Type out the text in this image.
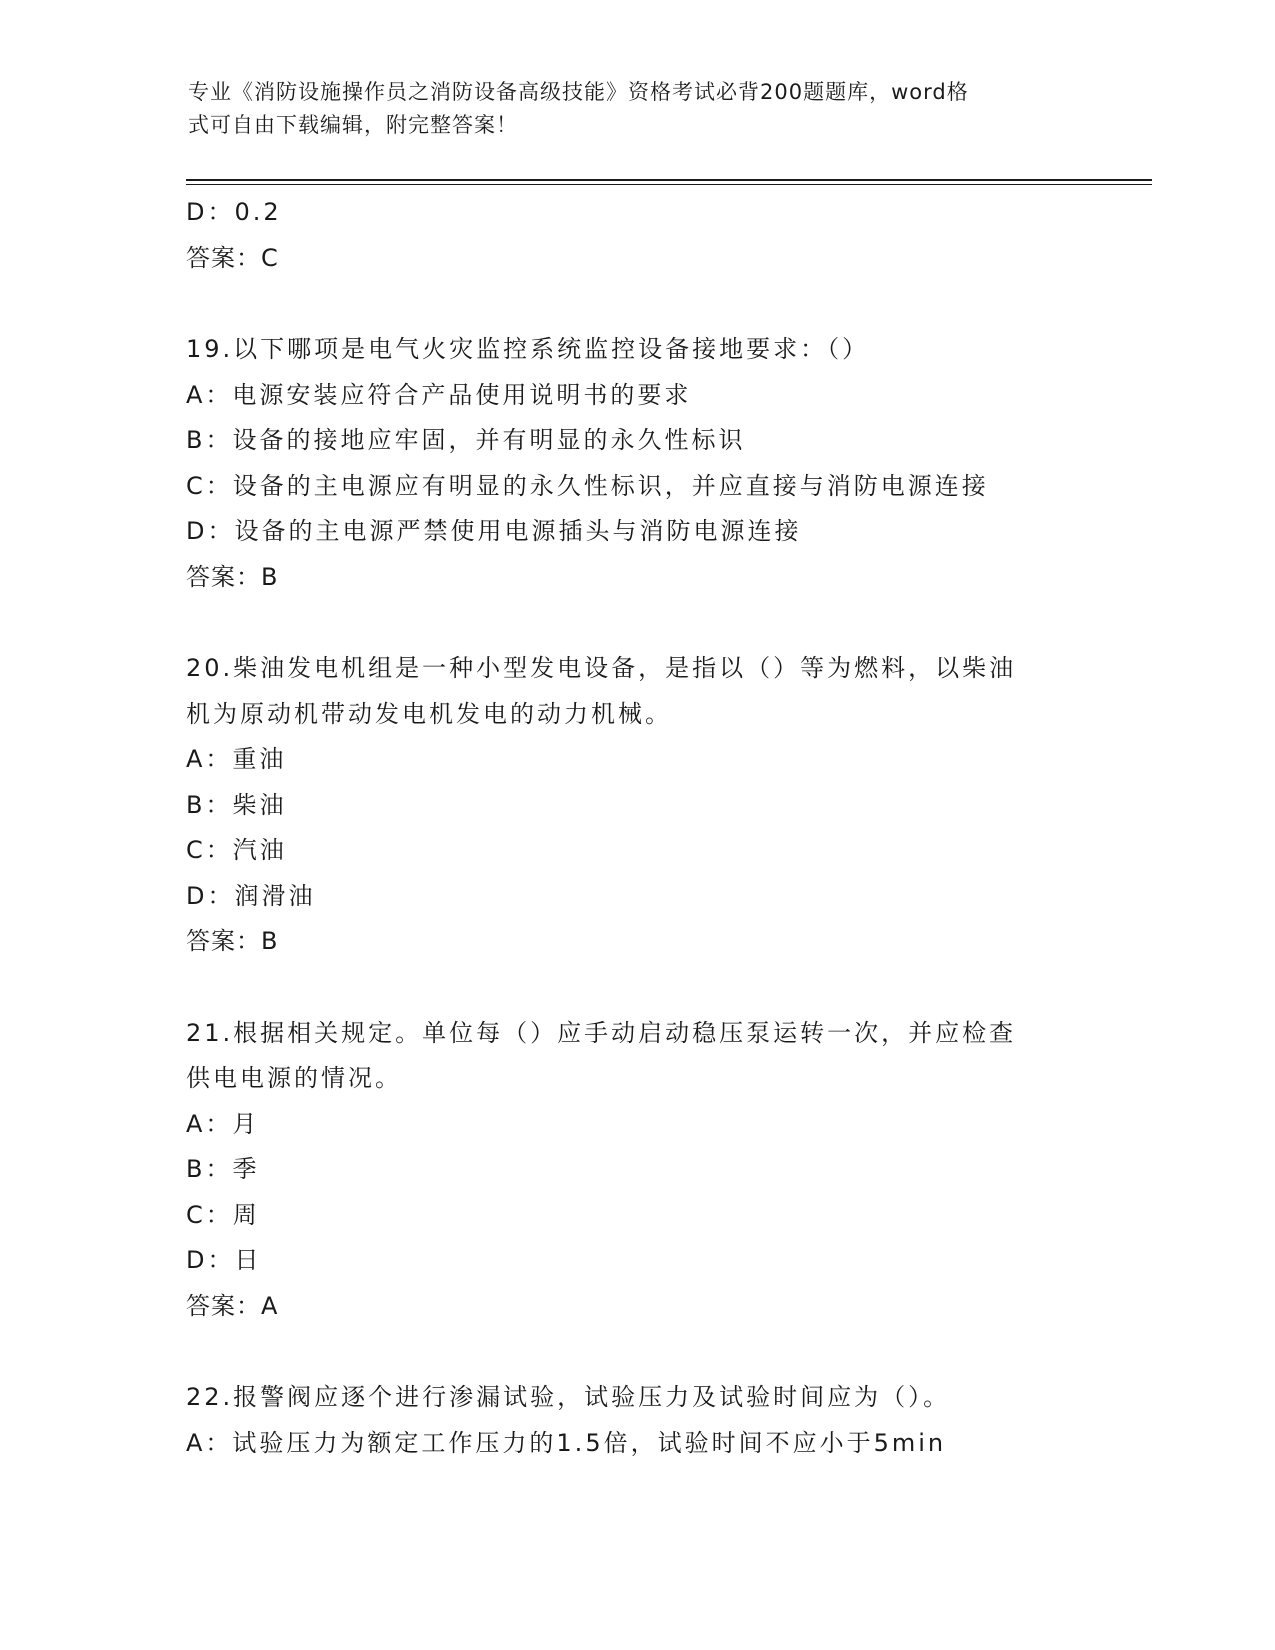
专业《消防设施操作员之消防设备高级技能》资格考试必背200题题库，word格
式可自由下载编辑，附完整答案！
D：0.2
答案：C
19.以下哪项是电气火灾监控系统监控设备接地要求：（）
A：电源安装应符合产品使用说明书的要求
B：设备的接地应牢固，并有明显的永久性标识
C：设备的主电源应有明显的永久性标识，并应直接与消防电源连接
D：设备的主电源严禁使用电源插头与消防电源连接
答案：B
20.柴油发电机组是一种小型发电设备，是指以（）等为燃料，以柴油
机为原动机带动发电机发电的动力机械。
A：重油
B：柴油
C：汽油
D：润滑油
答案：B
21.根据相关规定。单位每（）应手动启动稳压泵运转一次，并应检查
供电电源的情况。
A：月
B：季
C：周
D：日
答案：A
22.报警阀应逐个进行渗漏试验，试验压力及试验时间应为（）。
A：试验压力为额定工作压力的1.5倍，试验时间不应小于5min
